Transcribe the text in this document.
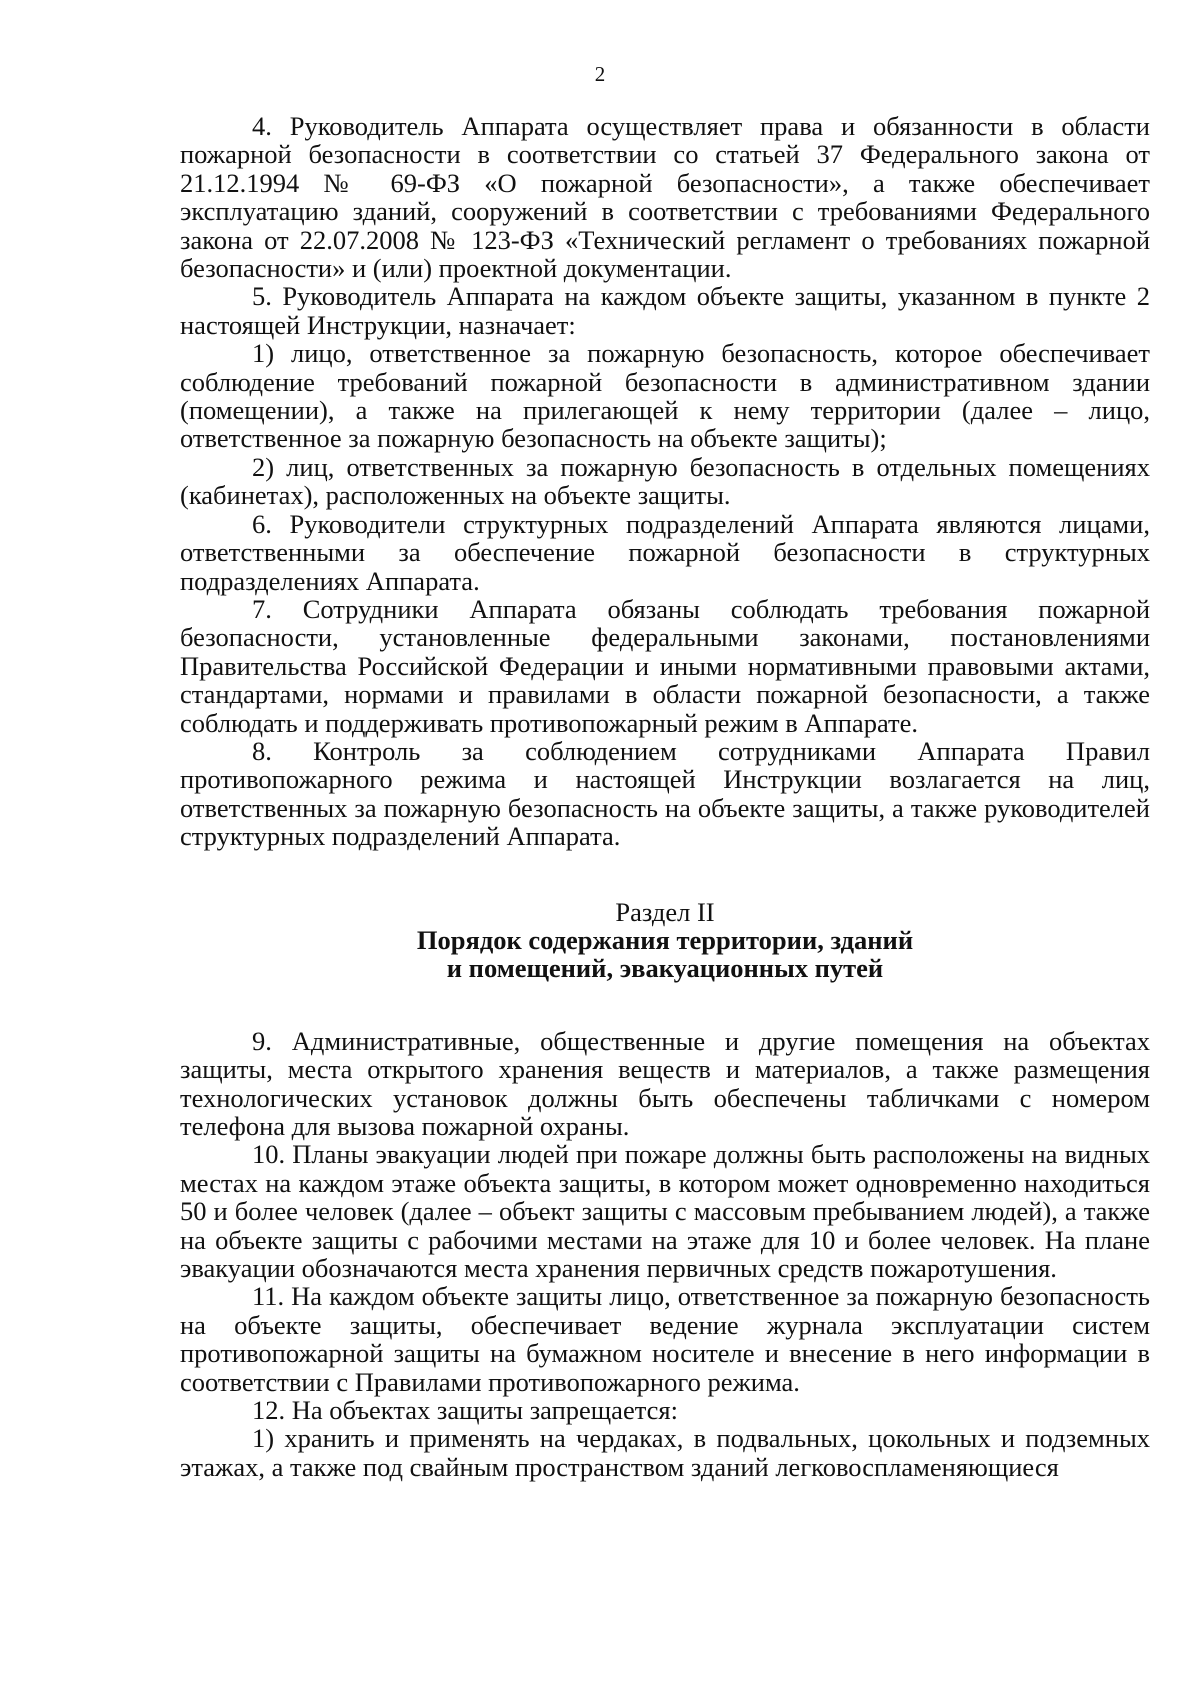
2

4. Руководитель Аппарата осуществляет права и обязанности в области пожарной безопасности в соответствии со статьей 37 Федерального закона от 21.12.1994 № 69-ФЗ «О пожарной безопасности», а также обеспечивает эксплуатацию зданий, сооружений в соответствии с требованиями Федерального закона от 22.07.2008 № 123-ФЗ «Технический регламент о требованиях пожарной безопасности» и (или) проектной документации.

5. Руководитель Аппарата на каждом объекте защиты, указанном в пункте 2 настоящей Инструкции, назначает:

1) лицо, ответственное за пожарную безопасность, которое обеспечивает соблюдение требований пожарной безопасности в административном здании (помещении), а также на прилегающей к нему территории (далее – лицо, ответственное за пожарную безопасность на объекте защиты);

2) лиц, ответственных за пожарную безопасность в отдельных помещениях (кабинетах), расположенных на объекте защиты.

6. Руководители структурных подразделений Аппарата являются лицами, ответственными за обеспечение пожарной безопасности в структурных подразделениях Аппарата.

7. Сотрудники Аппарата обязаны соблюдать требования пожарной безопасности, установленные федеральными законами, постановлениями Правительства Российской Федерации и иными нормативными правовыми актами, стандартами, нормами и правилами в области пожарной безопасности, а также соблюдать и поддерживать противопожарный режим в Аппарате.

8. Контроль за соблюдением сотрудниками Аппарата Правил противопожарного режима и настоящей Инструкции возлагается на лиц, ответственных за пожарную безопасность на объекте защиты, а также руководителей структурных подразделений Аппарата.

Раздел II
Порядок содержания территории, зданий
и помещений, эвакуационных путей

9. Административные, общественные и другие помещения на объектах защиты, места открытого хранения веществ и материалов, а также размещения технологических установок должны быть обеспечены табличками с номером телефона для вызова пожарной охраны.

10. Планы эвакуации людей при пожаре должны быть расположены на видных местах на каждом этаже объекта защиты, в котором может одновременно находиться 50 и более человек (далее – объект защиты с массовым пребыванием людей), а также на объекте защиты с рабочими местами на этаже для 10 и более человек. На плане эвакуации обозначаются места хранения первичных средств пожаротушения.

11. На каждом объекте защиты лицо, ответственное за пожарную безопасность на объекте защиты, обеспечивает ведение журнала эксплуатации систем противопожарной защиты на бумажном носителе и внесение в него информации в соответствии с Правилами противопожарного режима.

12. На объектах защиты запрещается:

1) хранить и применять на чердаках, в подвальных, цокольных и подземных этажах, а также под свайным пространством зданий легковоспламеняющиеся
